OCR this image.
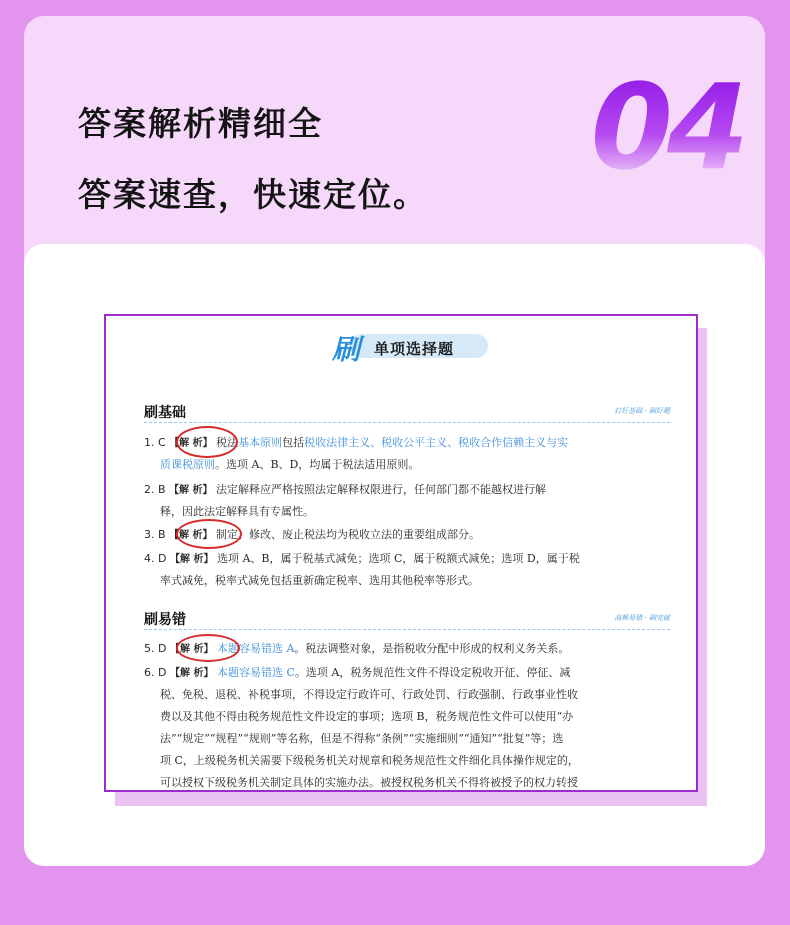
答案解析精细全
答案速查，快速定位。 04
刷 单项选择题
刷基础	打好基础 · 刷好题
1. C 【解 析】 税法基本原则包括税收法律主义、税收公平主义、税收合作信赖主义与实
质课税原则。选项 A、B、D，均属于税法适用原则。
2. B 【解 析】 法定解释应严格按照法定解释权限进行，任何部门都不能越权进行解
释，因此法定解释具有专属性。
3. B 【解 析】 制定、修改、废止税法均为税收立法的重要组成部分。
4. D 【解 析】 选项 A、B，属于税基式减免；选项 C，属于税额式减免；选项 D，属于税
率式减免，税率式减免包括重新确定税率、选用其他税率等形式。
刷易错	高频易错 · 刷完破
5. D 【解 析】 本题容易错选 A。税法调整对象，是指税收分配中形成的权利义务关系。
6. D 【解 析】 本题容易错选 C。选项 A，税务规范性文件不得设定税收开征、停征、减
税、免税、退税、补税事项，不得设定行政许可、行政处罚、行政强制、行政事业性收
费以及其他不得由税务规范性文件设定的事项；选项 B，税务规范性文件可以使用“办
法”“规定”“规程”“规则”等名称，但是不得称“条例”“实施细则”“通知”“批复”等；选
项 C，上级税务机关需要下级税务机关对规章和税务规范性文件细化具体操作规定的，
可以授权下级税务机关制定具体的实施办法。被授权税务机关不得将被授予的权力转授
